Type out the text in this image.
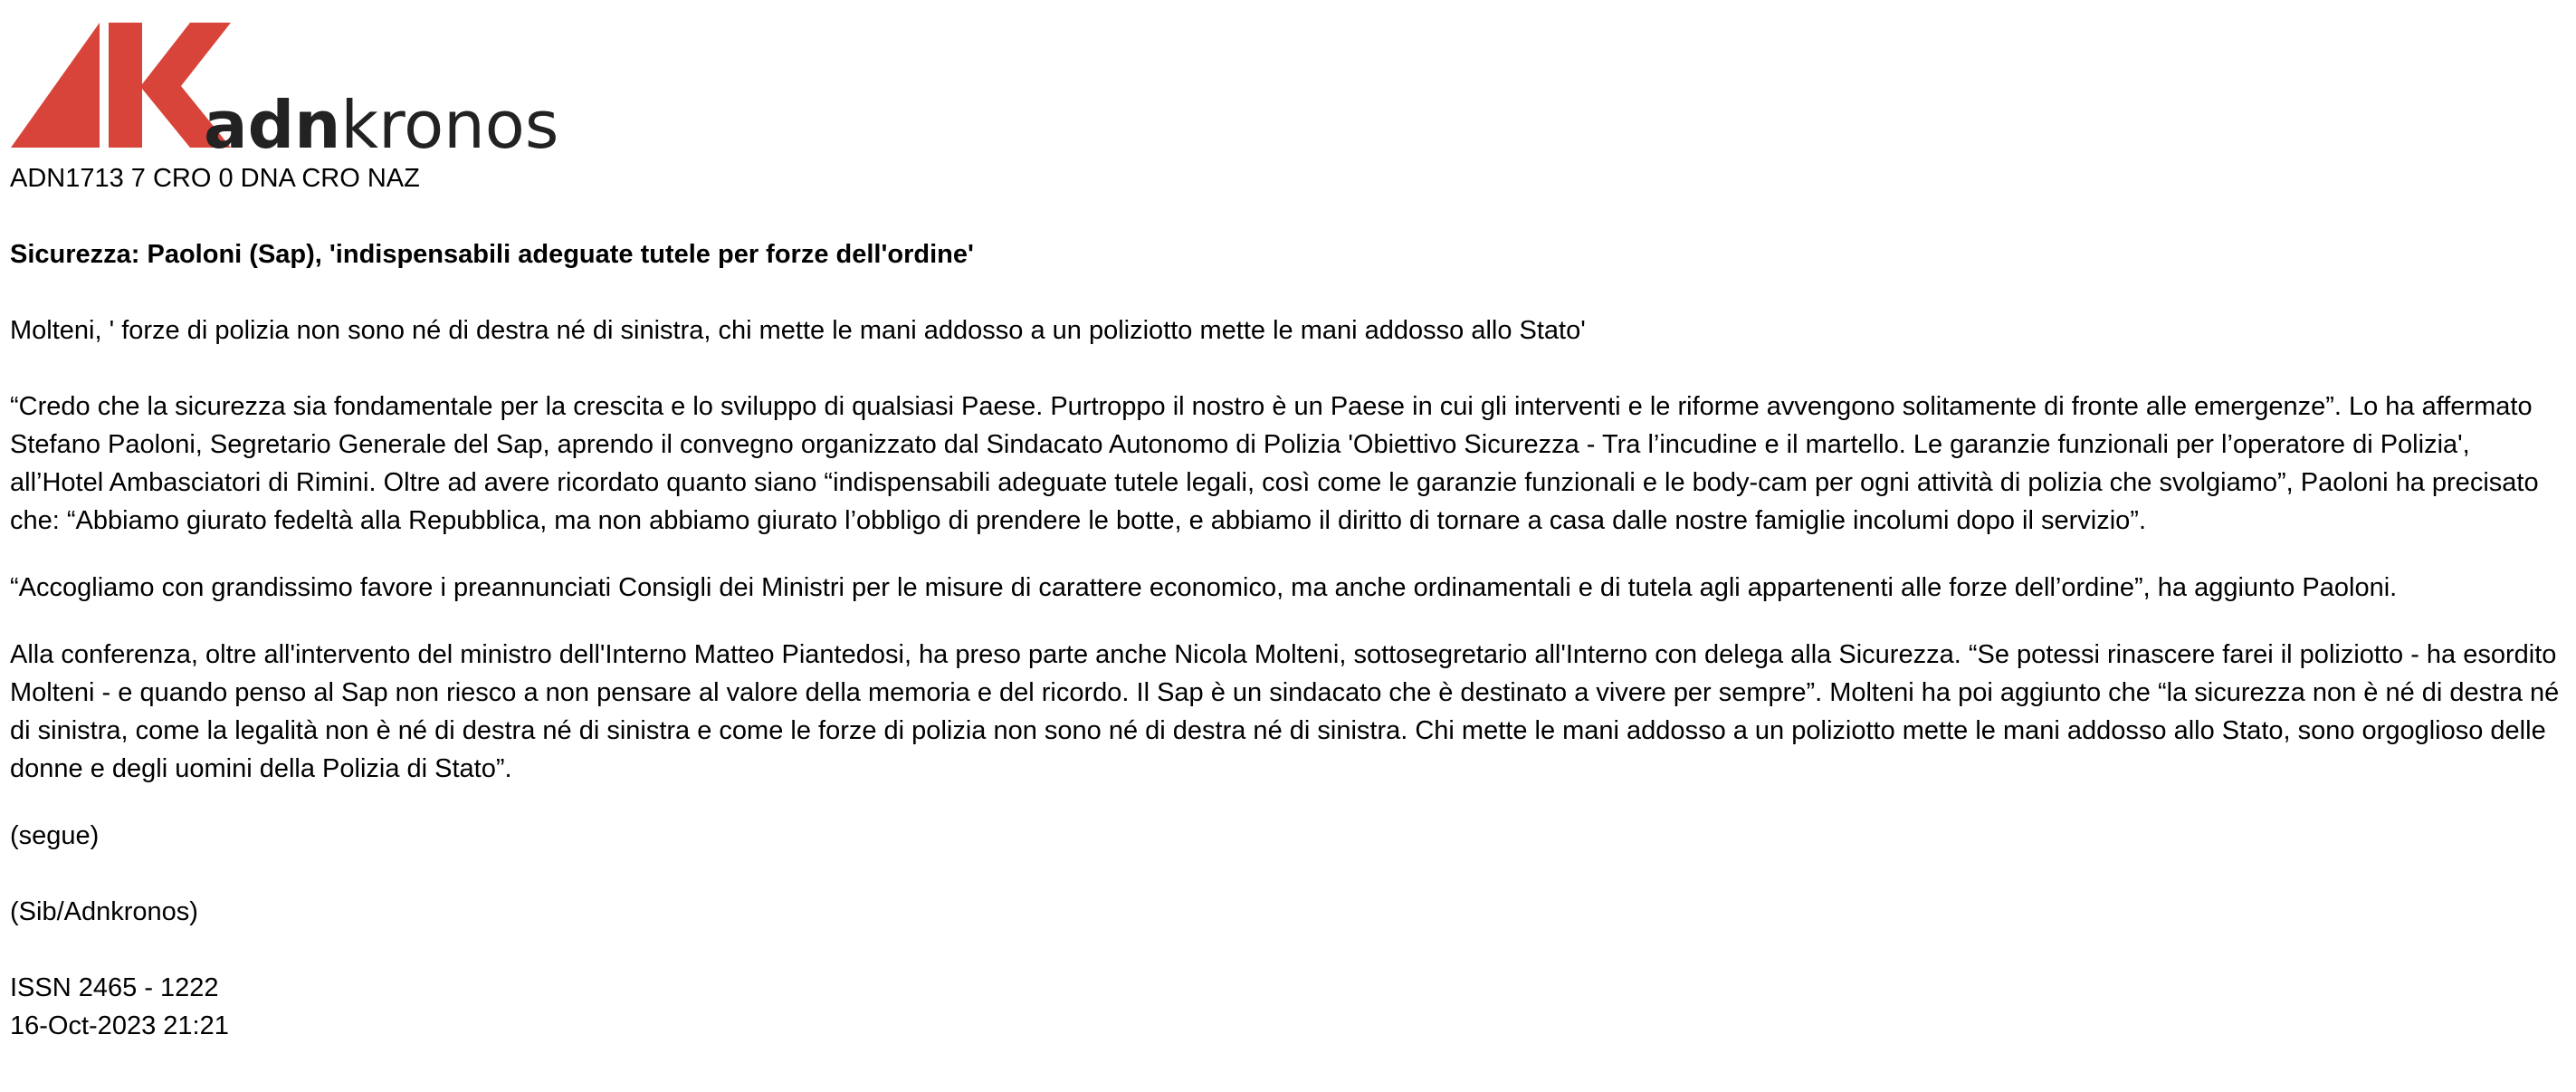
adnkronos

ADN1713 7 CRO 0 DNA CRO NAZ

Sicurezza: Paoloni (Sap), 'indispensabili adeguate tutele per forze dell'ordine'

Molteni, ' forze di polizia non sono né di destra né di sinistra, chi mette le mani addosso a un poliziotto mette le mani addosso allo Stato'

“Credo che la sicurezza sia fondamentale per la crescita e lo sviluppo di qualsiasi Paese. Purtroppo il nostro è un Paese in cui gli interventi e le riforme avvengono solitamente di fronte alle emergenze”. Lo ha affermato Stefano Paoloni, Segretario Generale del Sap, aprendo il convegno organizzato dal Sindacato Autonomo di Polizia 'Obiettivo Sicurezza - Tra l’incudine e il martello. Le garanzie funzionali per l’operatore di Polizia', all’Hotel Ambasciatori di Rimini. Oltre ad avere ricordato quanto siano “indispensabili adeguate tutele legali, così come le garanzie funzionali e le body-cam per ogni attività di polizia che svolgiamo”, Paoloni ha precisato che: “Abbiamo giurato fedeltà alla Repubblica, ma non abbiamo giurato l’obbligo di prendere le botte, e abbiamo il diritto di tornare a casa dalle nostre famiglie incolumi dopo il servizio”.

“Accogliamo con grandissimo favore i preannunciati Consigli dei Ministri per le misure di carattere economico, ma anche ordinamentali e di tutela agli appartenenti alle forze dell’ordine”, ha aggiunto Paoloni.

Alla conferenza, oltre all'intervento del ministro dell'Interno Matteo Piantedosi, ha preso parte anche Nicola Molteni, sottosegretario all'Interno con delega alla Sicurezza. “Se potessi rinascere farei il poliziotto - ha esordito Molteni - e quando penso al Sap non riesco a non pensare al valore della memoria e del ricordo. Il Sap è un sindacato che è destinato a vivere per sempre”. Molteni ha poi aggiunto che “la sicurezza non è né di destra né di sinistra, come la legalità non è né di destra né di sinistra e come le forze di polizia non sono né di destra né di sinistra. Chi mette le mani addosso a un poliziotto mette le mani addosso allo Stato, sono orgoglioso delle donne e degli uomini della Polizia di Stato”.

(segue)

(Sib/Adnkronos)

ISSN 2465 - 1222

16-Oct-2023 21:21
